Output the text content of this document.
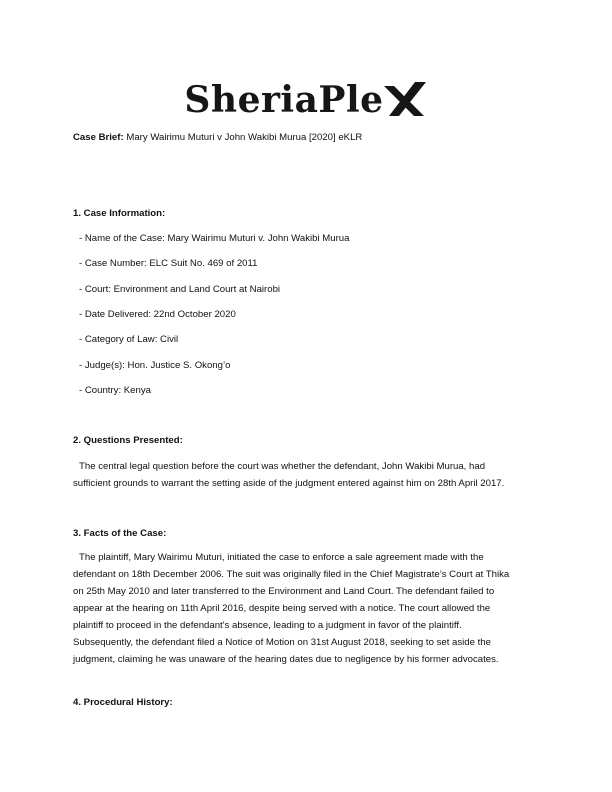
SheriaPle
Case Brief: Mary Wairimu Muturi v John Wakibi Murua [2020] eKLR
1. Case Information:
- Name of the Case: Mary Wairimu Muturi v. John Wakibi Murua
- Case Number: ELC Suit No. 469 of 2011
- Court: Environment and Land Court at Nairobi
- Date Delivered: 22nd October 2020
- Category of Law: Civil
- Judge(s): Hon. Justice S. Okong’o
- Country: Kenya
2. Questions Presented:
The central legal question before the court was whether the defendant, John Wakibi Murua, had
sufficient grounds to warrant the setting aside of the judgment entered against him on 28th April 2017.
3. Facts of the Case:
The plaintiff, Mary Wairimu Muturi, initiated the case to enforce a sale agreement made with the
defendant on 18th December 2006. The suit was originally filed in the Chief Magistrate’s Court at Thika
on 25th May 2010 and later transferred to the Environment and Land Court. The defendant failed to
appear at the hearing on 11th April 2016, despite being served with a notice. The court allowed the
plaintiff to proceed in the defendant's absence, leading to a judgment in favor of the plaintiff.
Subsequently, the defendant filed a Notice of Motion on 31st August 2018, seeking to set aside the
judgment, claiming he was unaware of the hearing dates due to negligence by his former advocates.
4. Procedural History:
